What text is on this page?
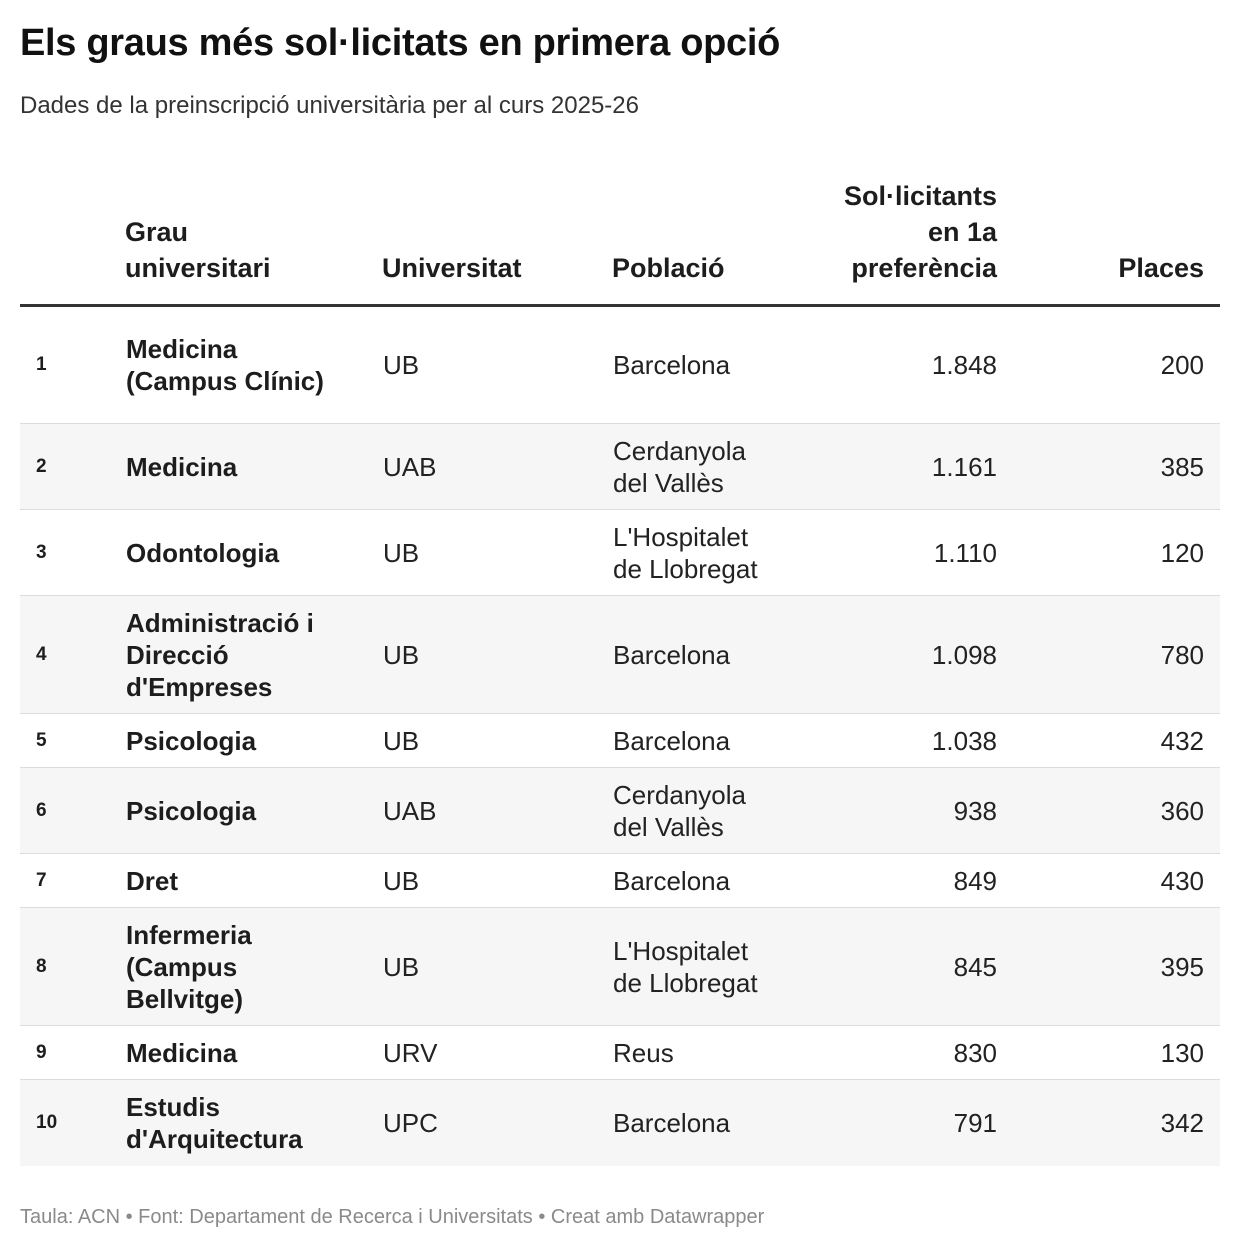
Els graus més sol·licitats en primera opció

Dades de la preinscripció universitària per al curs 2025-26

	Grau universitari	Universitat	Població	Sol·licitants en 1a preferència	Places
1	Medicina (Campus Clínic)	UB	Barcelona	1.848	200
2	Medicina	UAB	Cerdanyola del Vallès	1.161	385
3	Odontologia	UB	L'Hospitalet de Llobregat	1.110	120
4	Administració i Direcció d'Empreses	UB	Barcelona	1.098	780
5	Psicologia	UB	Barcelona	1.038	432
6	Psicologia	UAB	Cerdanyola del Vallès	938	360
7	Dret	UB	Barcelona	849	430
8	Infermeria (Campus Bellvitge)	UB	L'Hospitalet de Llobregat	845	395
9	Medicina	URV	Reus	830	130
10	Estudis d'Arquitectura	UPC	Barcelona	791	342
Taula: ACN • Font: Departament de Recerca i Universitats • Creat amb Datawrapper
